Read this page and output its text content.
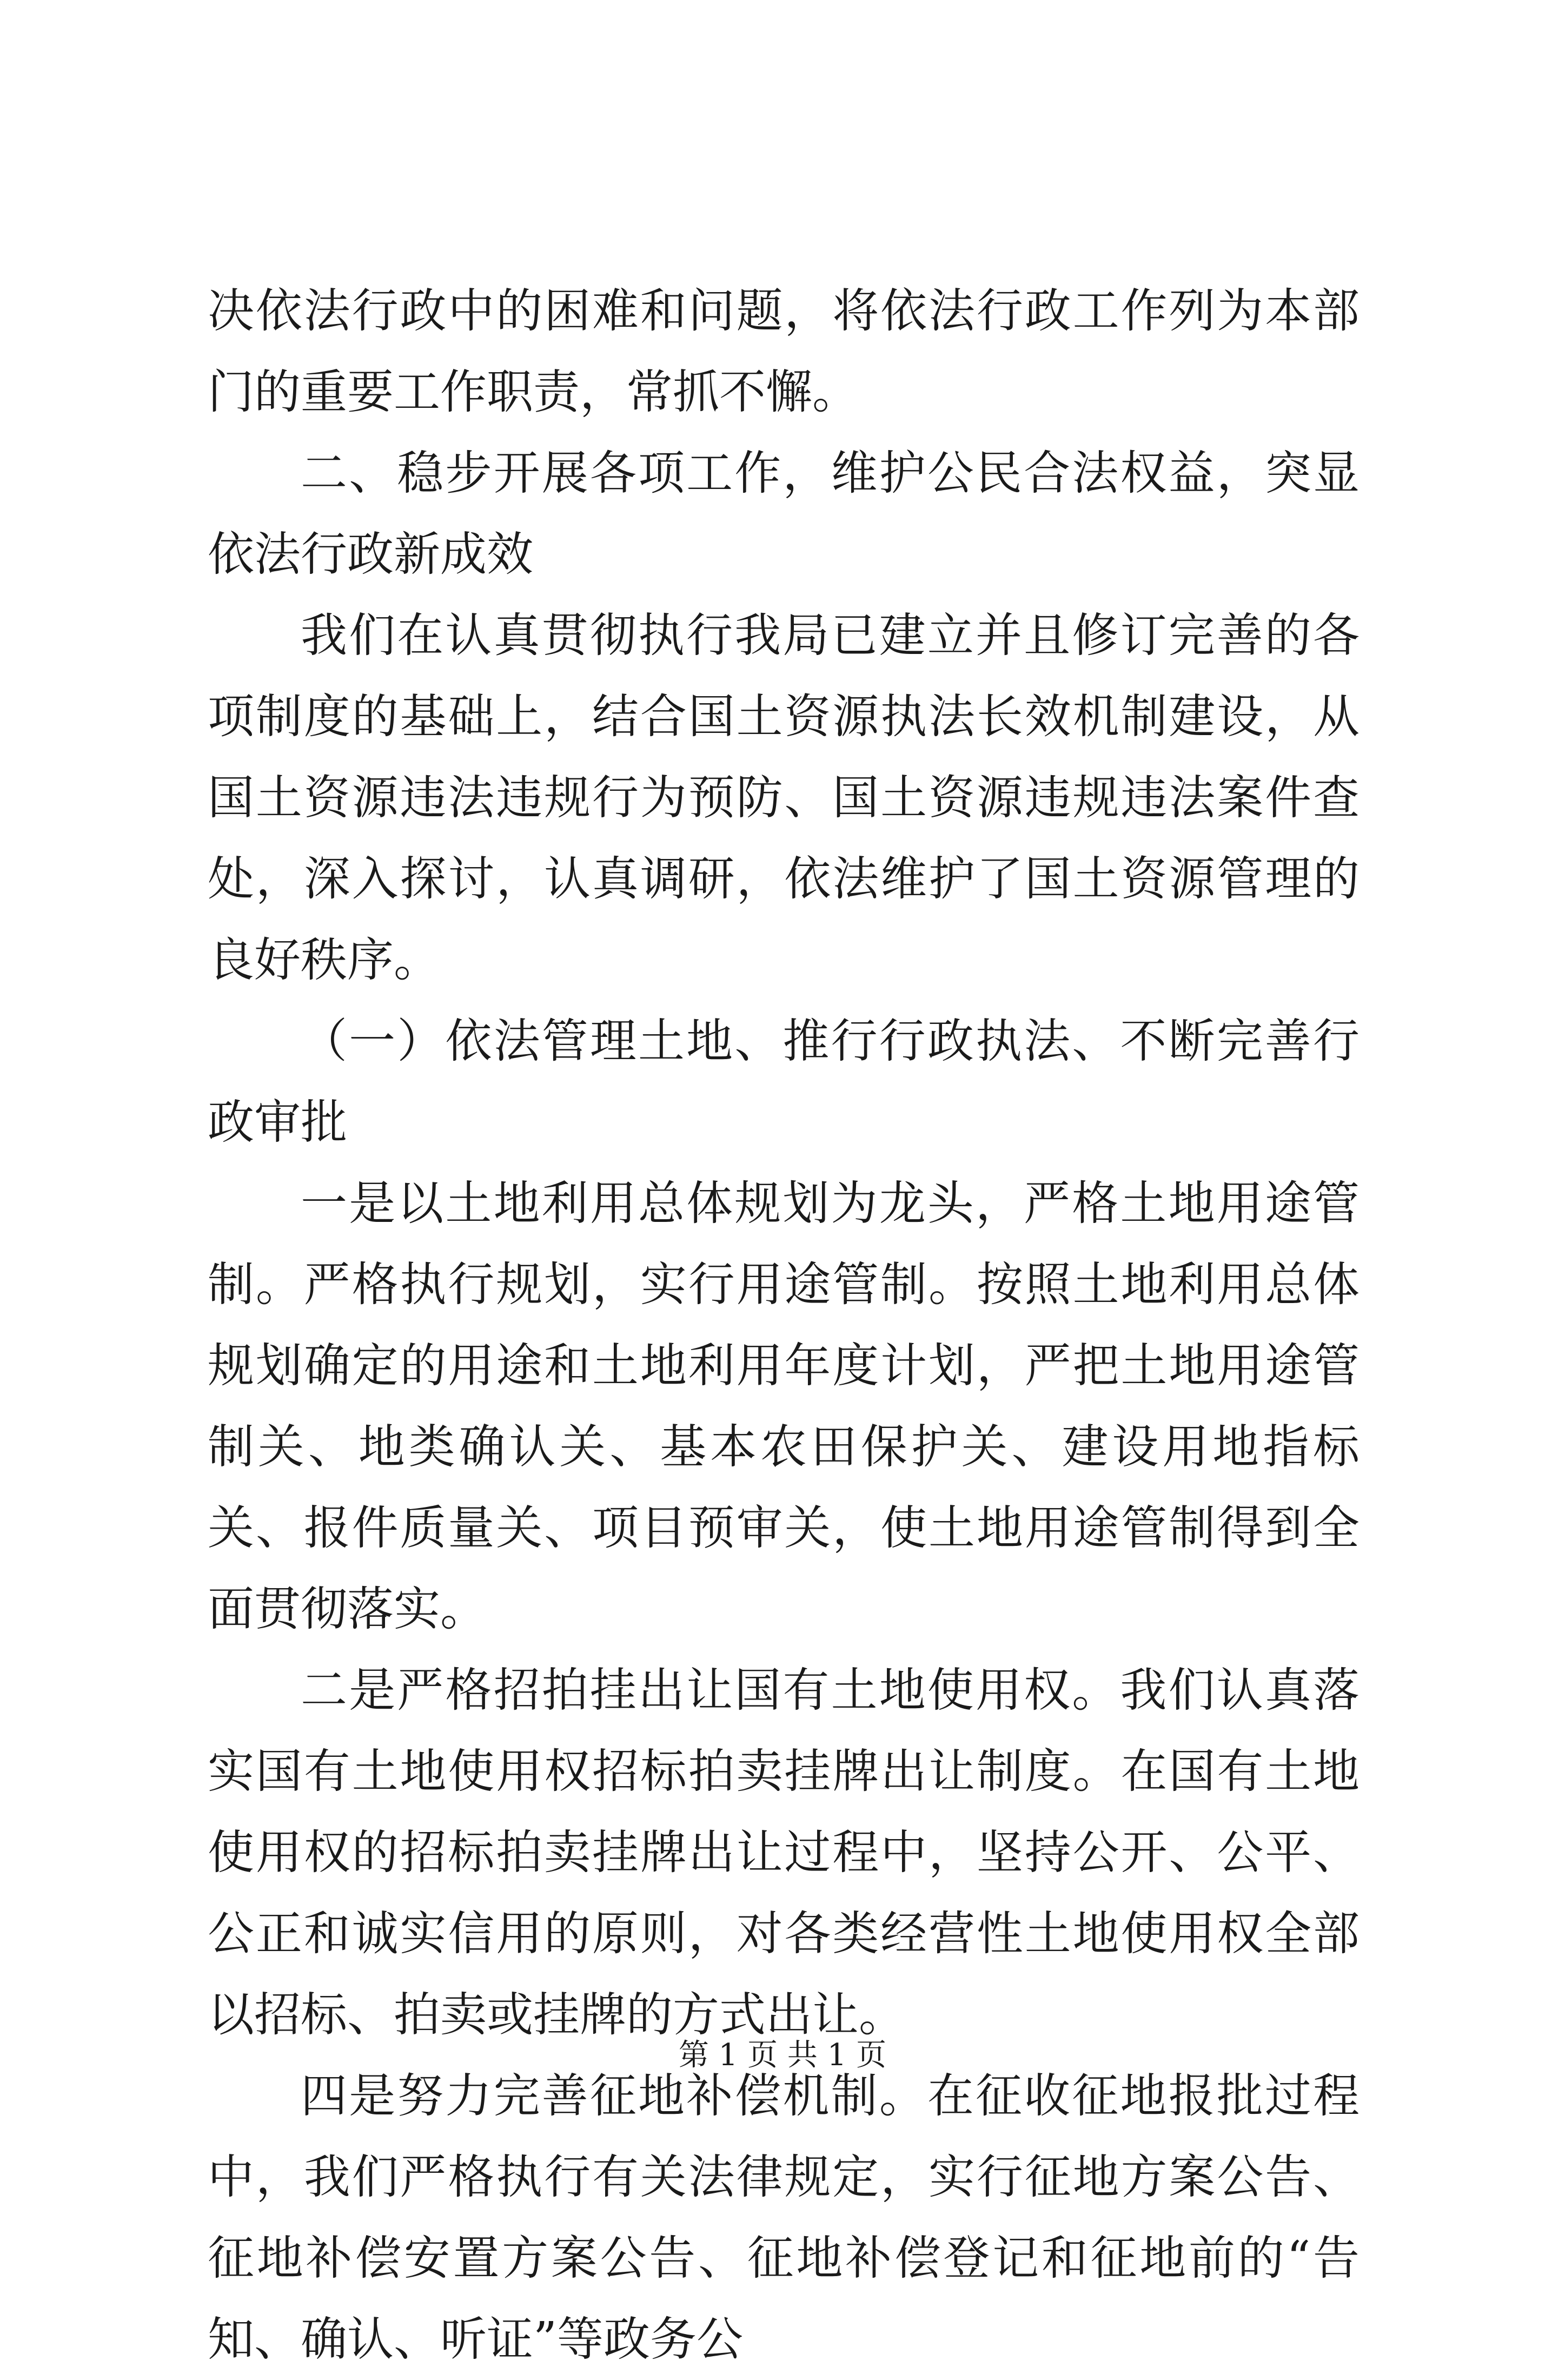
决依法行政中的困难和问题，将依法行政工作列为本部门的重要工作职责，常抓不懈。

二、稳步开展各项工作，维护公民合法权益，突显依法行政新成效

我们在认真贯彻执行我局已建立并且修订完善的各项制度的基础上，结合国土资源执法长效机制建设，从国土资源违法违规行为预防、国土资源违规违法案件查处，深入探讨，认真调研，依法维护了国土资源管理的良好秩序。

（一）依法管理土地、推行行政执法、不断完善行政审批

一是以土地利用总体规划为龙头，严格土地用途管制。严格执行规划，实行用途管制。按照土地利用总体规划确定的用途和土地利用年度计划，严把土地用途管制关、地类确认关、基本农田保护关、建设用地指标关、报件质量关、项目预审关，使土地用途管制得到全面贯彻落实。

二是严格招拍挂出让国有土地使用权。我们认真落实国有土地使用权招标拍卖挂牌出让制度。在国有土地使用权的招标拍卖挂牌出让过程中，坚持公开、公平、公正和诚实信用的原则，对各类经营性土地使用权全部以招标、拍卖或挂牌的方式出让。

四是努力完善征地补偿机制。在征收征地报批过程中，我们严格执行有关法律规定，实行征地方案公告、征地补偿安置方案公告、征地补偿登记和征地前的“告知、确认、听证”等政务公

第 1 页 共 1 页
